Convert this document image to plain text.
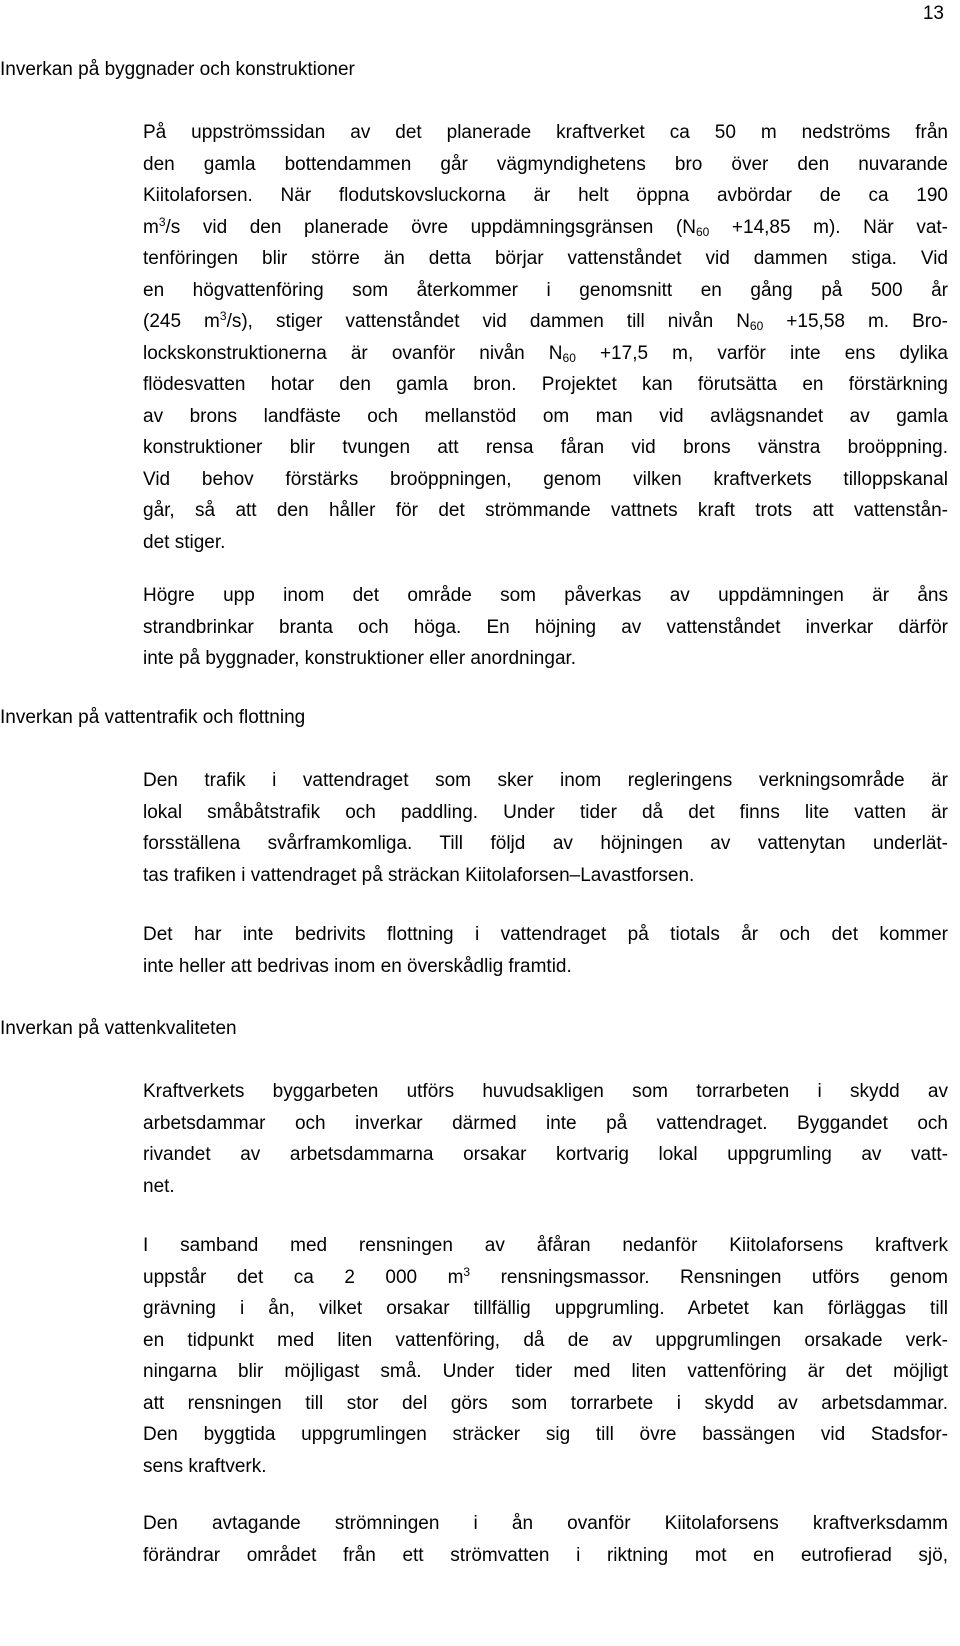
13
Inverkan på byggnader och konstruktioner
På uppströmssidan av det planerade kraftverket ca 50 m nedströms från
den gamla bottendammen går vägmyndighetens bro över den nuvarande
Kiitolaforsen. När flodutskovsluckorna är helt öppna avbördar de ca 190
$m^3/s$ vid den planerade övre uppdämningsgränsen ($N_{60} +14,85$ m). När vat-
tenföringen blir större än detta börjar vattenståndet vid dammen stiga. Vid
en högvattenföring som återkommer i genomsnitt en gång på 500 år
(245 $m^3/s$), stiger vattenståndet vid dammen till nivån $N_{60} +15,58$ m. Bro-
lockskonstruktionerna är ovanför nivån $N_{60} +17,5$ m, varför inte ens dylika
flödesvatten hotar den gamla bron. Projektet kan förutsätta en förstärkning
av brons landfäste och mellanstöd om man vid avlägsnandet av gamla
konstruktioner blir tvungen att rensa fåran vid brons vänstra broöppning.
Vid behov förstärks broöppningen, genom vilken kraftverkets tilloppskanal
går, så att den håller för det strömmande vattnets kraft trots att vattenstån-
det stiger.
Högre upp inom det område som påverkas av uppdämningen är åns
strandbrinkar branta och höga. En höjning av vattenståndet inverkar därför
inte på byggnader, konstruktioner eller anordningar.
Inverkan på vattentrafik och flottning
Den trafik i vattendraget som sker inom regleringens verkningsområde är
lokal småbåtstrafik och paddling. Under tider då det finns lite vatten är
forsställena svårframkomliga. Till följd av höjningen av vattenytan underlät-
tas trafiken i vattendraget på sträckan Kiitolaforsen–Lavastforsen.
Det har inte bedrivits flottning i vattendraget på tiotals år och det kommer
inte heller att bedrivas inom en överskådlig framtid.
Inverkan på vattenkvaliteten
Kraftverkets byggarbeten utförs huvudsakligen som torrarbeten i skydd av
arbetsdammar och inverkar därmed inte på vattendraget. Byggandet och
rivandet av arbetsdammarna orsakar kortvarig lokal uppgrumling av vatt-
net.
I samband med rensningen av åfåran nedanför Kiitolaforsens kraftverk
uppstår det ca 2 000 $m^3$ rensningsmassor. Rensningen utförs genom
grävning i ån, vilket orsakar tillfällig uppgrumling. Arbetet kan förläggas till
en tidpunkt med liten vattenföring, då de av uppgrumlingen orsakade verk-
ningarna blir möjligast små. Under tider med liten vattenföring är det möjligt
att rensningen till stor del görs som torrarbete i skydd av arbetsdammar.
Den byggtida uppgrumlingen sträcker sig till övre bassängen vid Stadsfor-
sens kraftverk.
Den avtagande strömningen i ån ovanför Kiitolaforsens kraftverksdamm
förändrar området från ett strömvatten i riktning mot en eutrofierad sjö,
